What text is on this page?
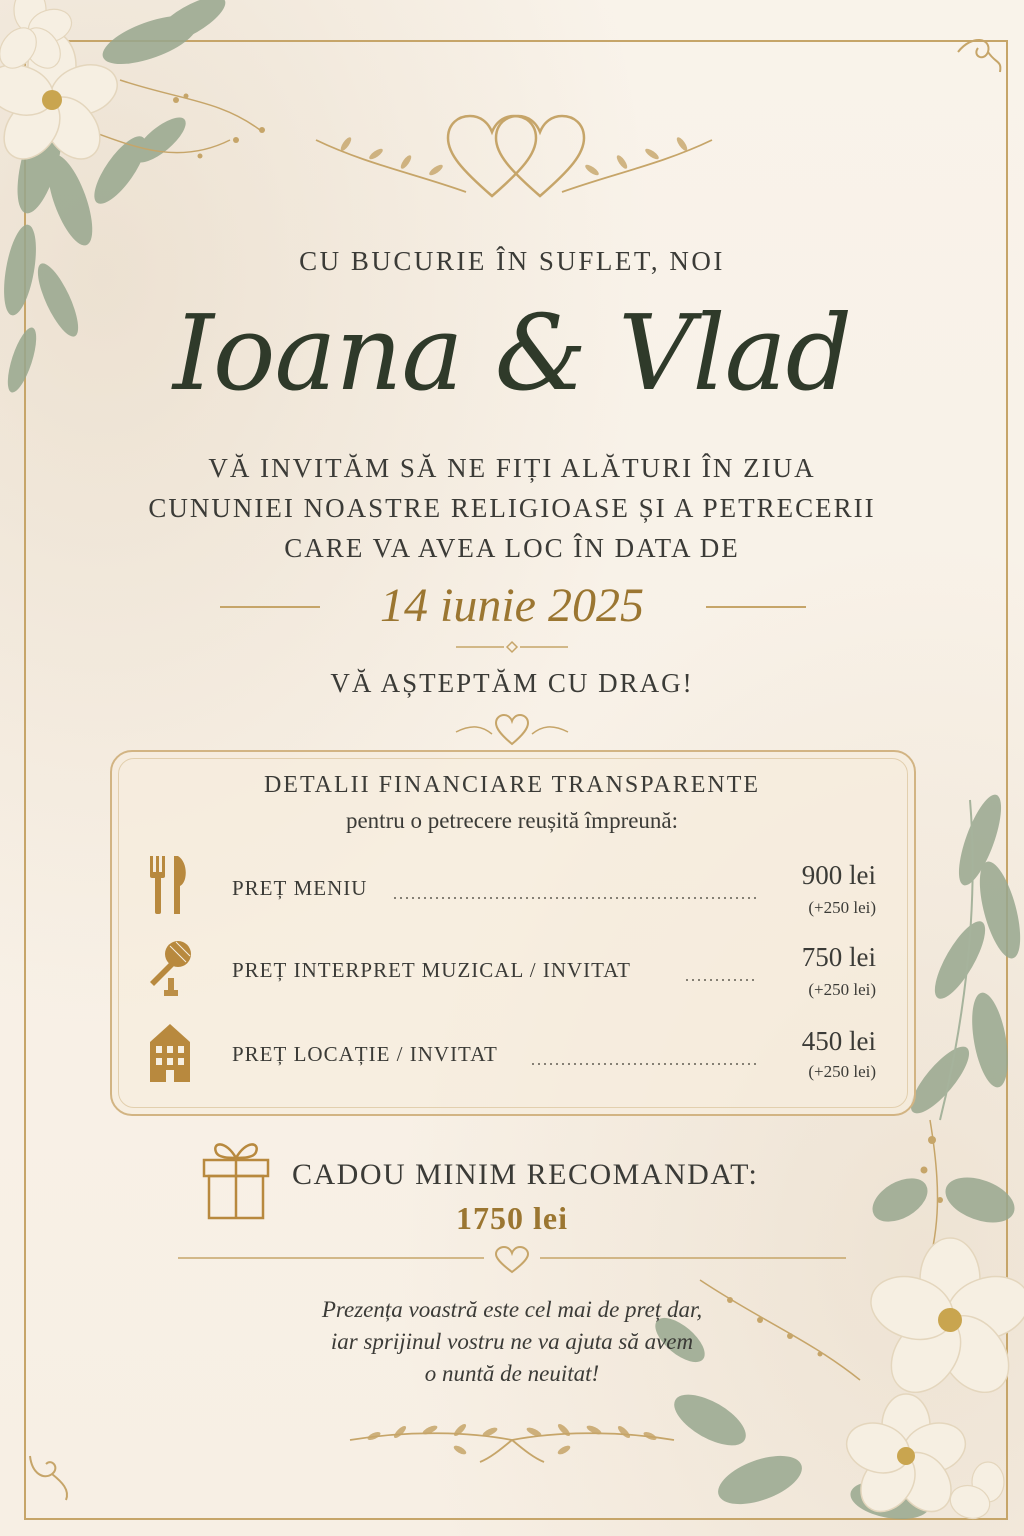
CU BUCURIE ÎN SUFLET, NOI
Ioana & Vlad
VĂ INVITĂM SĂ NE FIȚI ALĂTURI ÎN ZIUA
CUNUNIEI NOASTRE RELIGIOASE ȘI A PETRECERII
CARE VA AVEA LOC ÎN DATA DE
14 iunie 2025
VĂ AȘTEPTĂM CU DRAG!
DETALII FINANCIARE TRANSPARENTE
pentru o petrecere reușită împreună:
PREȚ MENIU	900 lei
(+250 lei)
PREȚ INTERPRET MUZICAL / INVITAT	750 lei
(+250 lei)
PREȚ LOCAȚIE / INVITAT	450 lei
(+250 lei)
CADOU MINIM RECOMANDAT:
1750 lei
Prezența voastră este cel mai de preț dar,
iar sprijinul vostru ne va ajuta să avem
o nuntă de neuitat!
